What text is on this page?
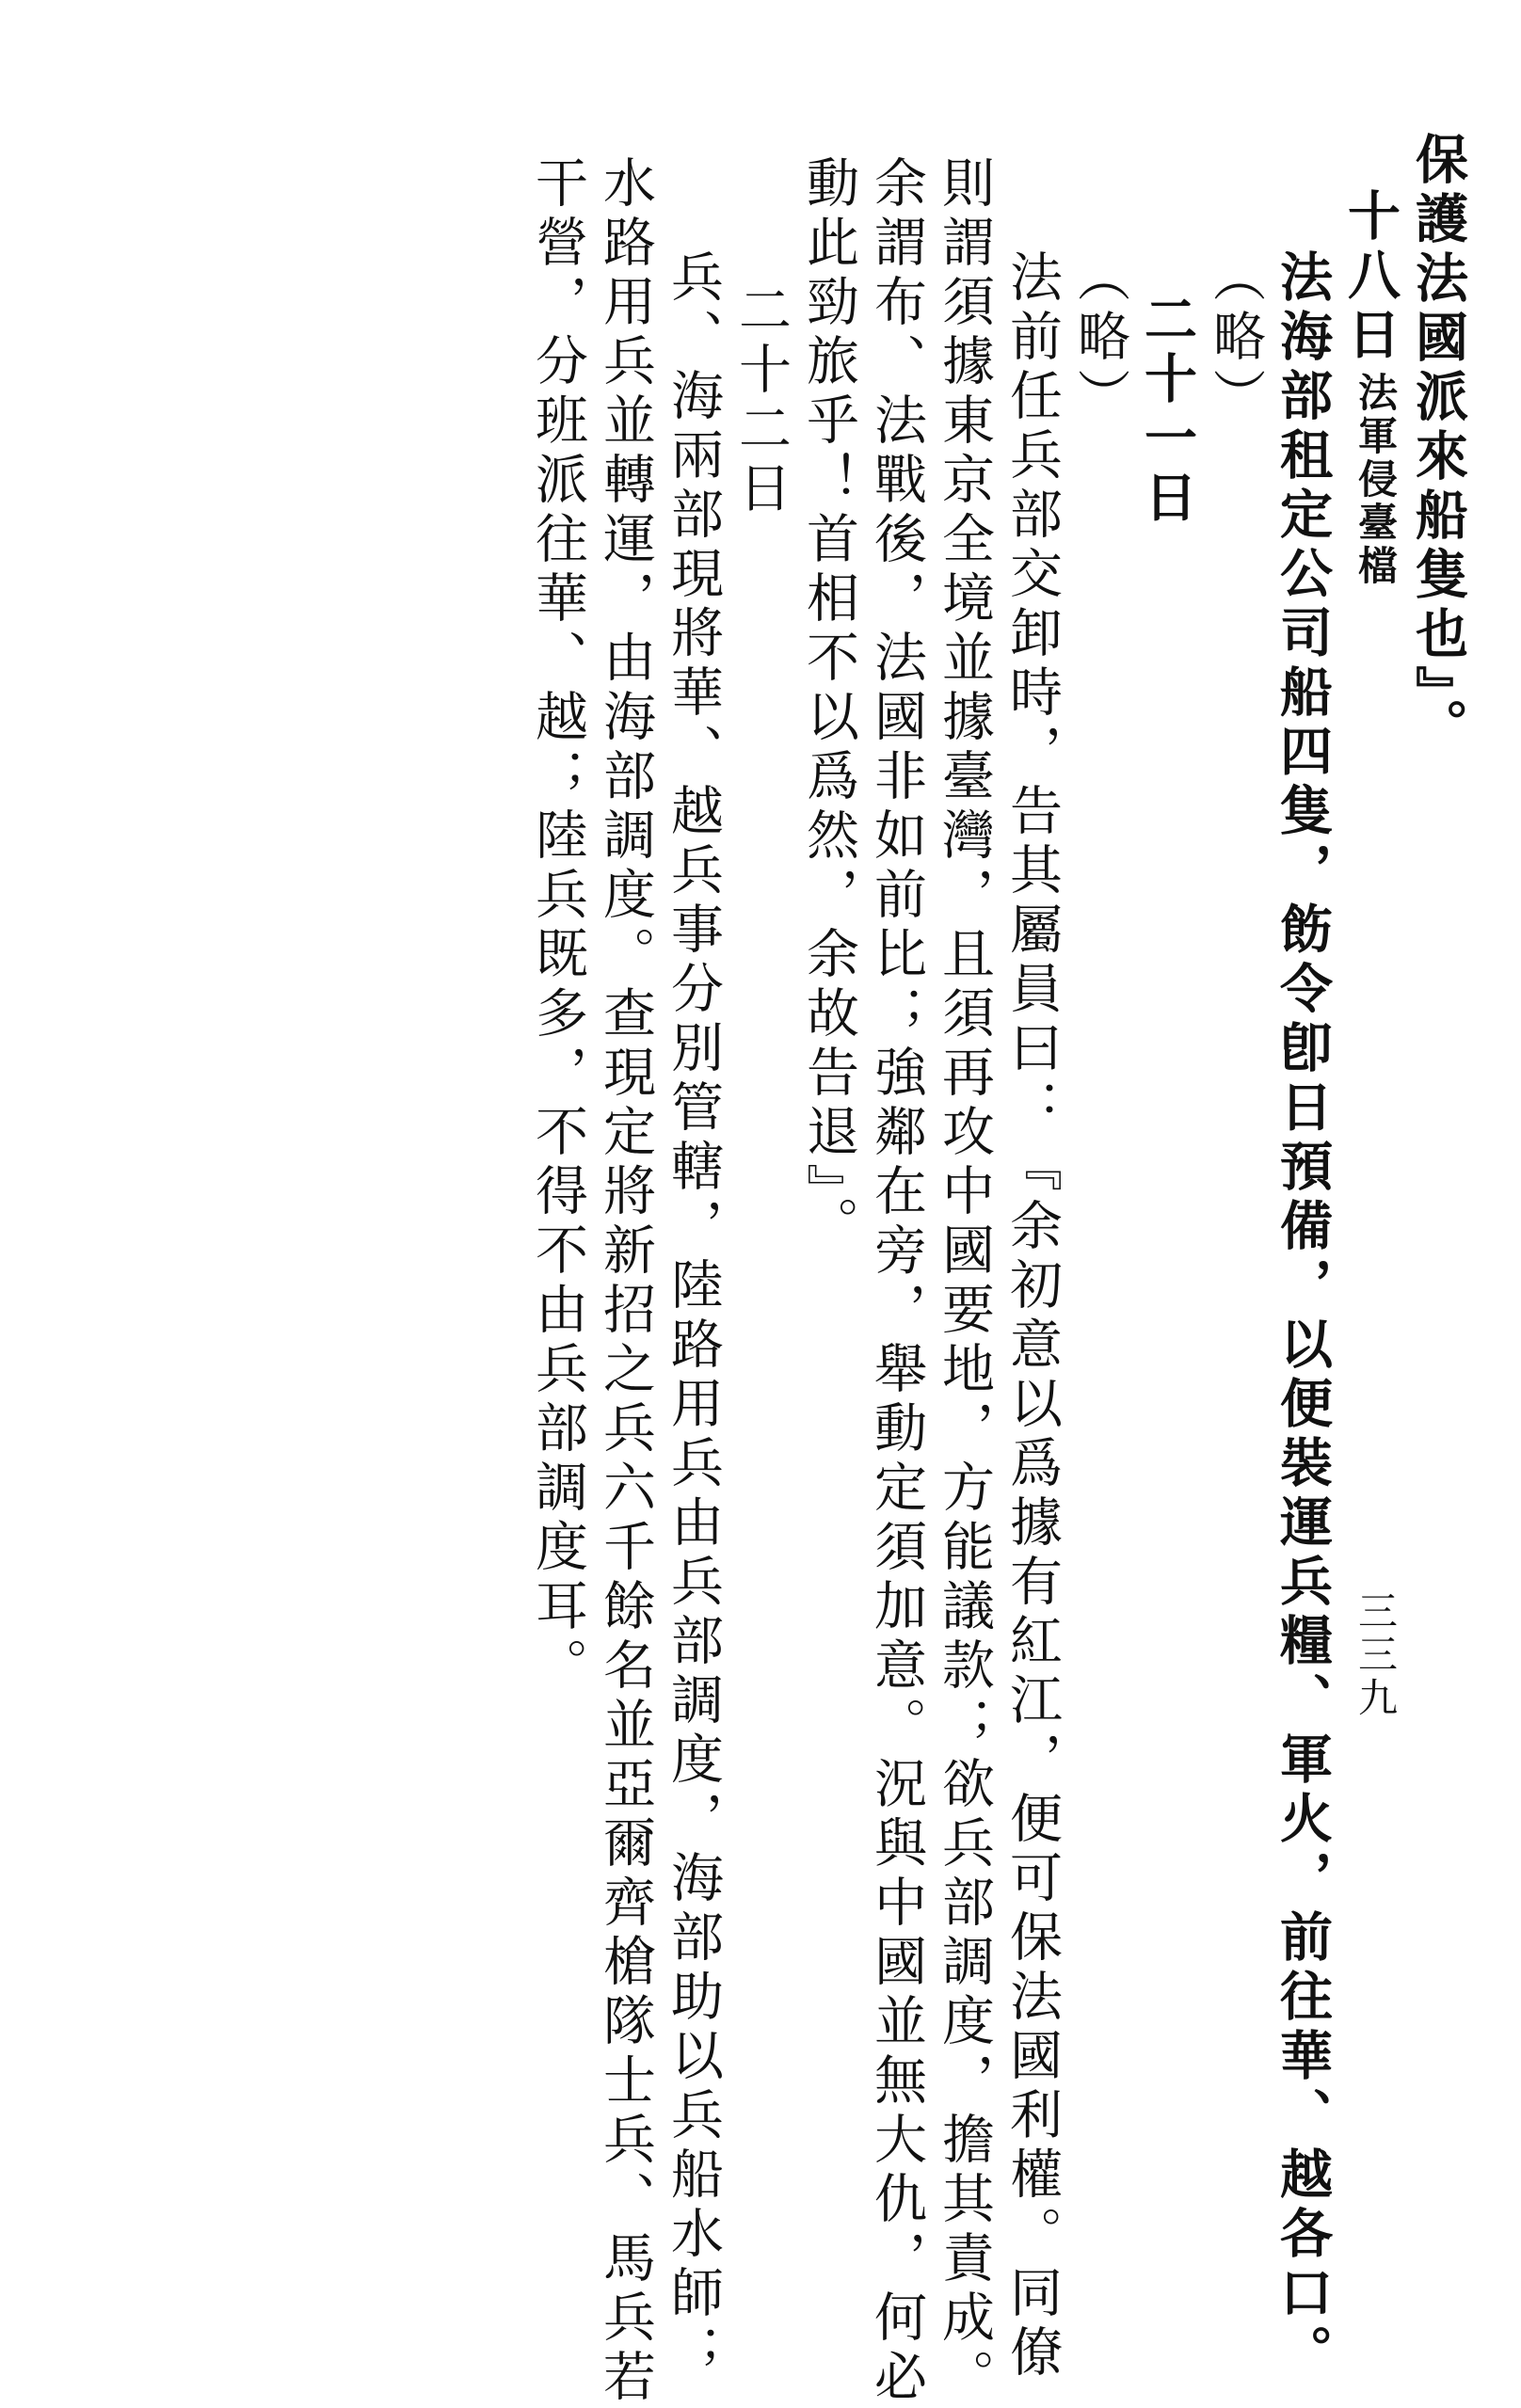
保護法國派來船隻也』。

十八日

法海部租定公司船四隻，飭令卽日預備，以便裝運兵糧、軍火，前往華、越各口。

（略）

二十一日

（略）

法前任兵部交卸時，告其屬員曰：『余初意以爲據有紅江，便可保法國利權。同僚

則謂須據東京全境並據臺灣，且須再攻中國要地，方能議款；欲兵部調度，擔其責成。

余謂布、法戰後，法國非如前比；強鄰在旁，舉動定須加意。況與中國並無大仇，何必

動此勁旅乎！首相不以爲然，余故告退』。

二十二日

兵、海兩部現將華、越兵事分別管轄，陸路用兵由兵部調度，海部助以兵船水師；

水路用兵並轉運，由海部調度。查現定將新招之兵六千餘名並亞爾齊槍隊士兵、馬兵若

干營，分班派往華、越；陸兵既多，不得不由兵部調度耳。	法軍侵臺檔

三三九
